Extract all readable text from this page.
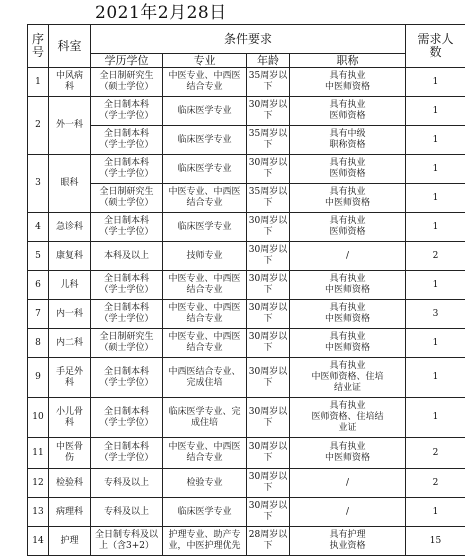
2021年2月28日
序
号	科室	条件要求				需求人
数
		学历学位	专业	年龄	职称	
1	中风病
科	全日制研究生
（硕士学位）	中医专业、中西医
结合专业	35周岁以
下	具有执业
中医师资格	1
2	外一科	全日制本科
（学士学位）	临床医学专业	30周岁以
下	具有执业
医师资格	1
		全日制本科
（学士学位）	临床医学专业	35周岁以
下	具有中级
职称资格	1
3	眼科	全日制本科
（学士学位）	临床医学专业	30周岁以
下	具有执业
医师资格	1
		全日制研究生
（硕士学位）	中医专业、中西医
结合专业	35周岁以
下	具有执业
中医师资格	1
4	急诊科	全日制本科
（学士学位）	临床医学专业	30周岁以
下	具有执业
医师资格	1
5	康复科	本科及以上	技师专业	30周岁以
下	/	2
6	儿科	全日制本科
（学士学位）	中医专业、中西医
结合专业	30周岁以
下	具有执业
中医师资格	1
7	内一科	全日制本科
（学士学位）	中医专业、中西医
结合专业	30周岁以
下	具有执业
中医师资格	3
8	内二科	全日制研究生
（硕士学位）	中医专业、中西医
结合专业	30周岁以
下	具有执业
中医师资格	1
9	手足外
科	全日制本科
（学士学位）	中西医结合专业、
完成住培	30周岁以
下	具有执业
中医师资格、住培
结业证	1
10	小儿骨
科	全日制本科
（学士学位）	临床医学专业、完
成住培	30周岁以
下	具有执业
医师资格、住培结
业证	1
11	中医骨
伤	全日制本科
（学士学位）	中医专业、中西医
结合专业	30周岁以
下	具有执业
中医师资格	2
12	检验科	专科及以上	检验专业	30周岁以
下	/	2
13	病理科	专科及以上	临床医学专业	30周岁以
下	/	1
14	护理	全日制专科及以
上（含3+2）	护理专业、助产专
业，中医护理优先	28周岁以
下	具有护理
执业资格	15
